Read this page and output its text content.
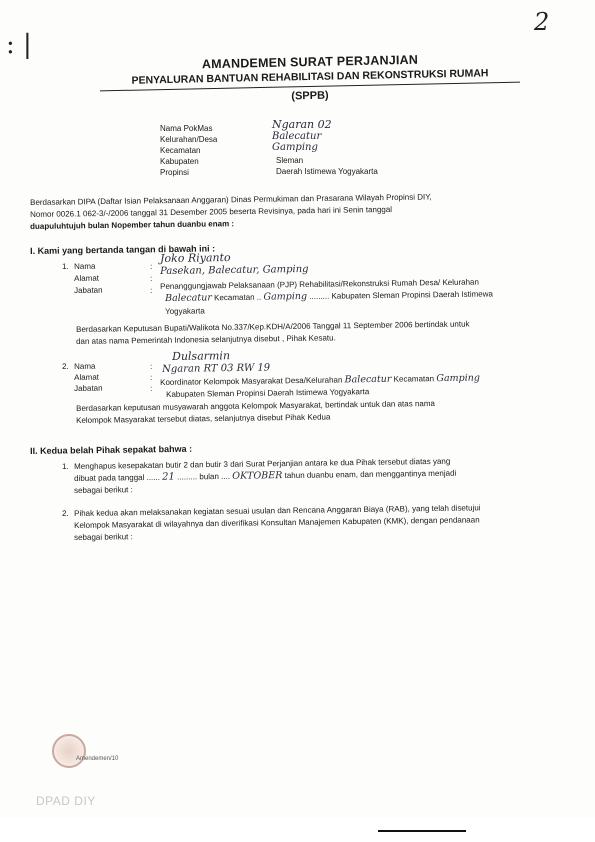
: |
2
AMANDEMEN SURAT PERJANJIAN
PENYALURAN BANTUAN REHABILITASI DAN REKONSTRUKSI RUMAH
(SPPB)
Nama PokMas	Ngaran 02
Kelurahan/Desa	Balecatur
Kecamatan	Gamping
Kabupaten	Sleman
Propinsi	Daerah Istimewa Yogyakarta
Berdasarkan DIPA (Daftar Isian Pelaksanaan Anggaran) Dinas Permukiman dan Prasarana Wilayah Propinsi DIY,
Nomor 0026.1 062-3/-/2006 tanggal 31 Desember 2005 beserta Revisinya, pada hari ini Senin tanggal
duapuluhtujuh bulan Nopember tahun duanbu enam :
I. Kami yang bertanda tangan di bawah ini :
1. Nama	:
Joko Riyanto
Alamat	:
Pasekan, Balecatur, Gamping
Jabatan	: Penanggungjawab Pelaksanaan (PJP) Rehabilitasi/Rekonstruksi Rumah Desa/ Kelurahan
Balecatur Kecamatan .. Gamping ......... Kabupaten Sleman Propinsi Daerah Istimewa
Yogyakarta
Berdasarkan Keputusan Bupati/Walikota No.337/Kep.KDH/A/2006 Tanggal 11 September 2006 bertindak untuk
dan atas nama Pemerintah Indonesia selanjutnya disebut , Pihak Kesatu.
2. Nama	:
Dulsarmin
Alamat	:
Ngaran RT 03 RW 19
Jabatan	:
Koordinator Kelompok Masyarakat Desa/Kelurahan Balecatur Kecamatan Gamping
Kabupaten Sleman Propinsi Daerah Istimewa Yogyakarta
Berdasarkan keputusan musyawarah anggota Kelompok Masyarakat, bertindak untuk dan atas nama
Kelompok Masyarakat tersebut diatas, selanjutnya disebut Pihak Kedua
II. Kedua belah Pihak sepakat bahwa :
1. Menghapus kesepakatan butir 2 dan butir 3 dari Surat Perjanjian antara ke dua Pihak tersebut diatas yang
dibuat pada tanggal ...... 21 ......... bulan .... OKTOBER tahun duanbu enam, dan menggantinya menjadi
sebagai berikut :
2. Pihak kedua akan melaksanakan kegiatan sesuai usulan dan Rencana Anggaran Biaya (RAB), yang telah disetujui
Kelompok Masyarakat di wilayahnya dan diverifikasi Konsultan Manajemen Kabupaten (KMK), dengan pendanaan
sebagai berikut :
Amendemen/10
DPAD DIY
